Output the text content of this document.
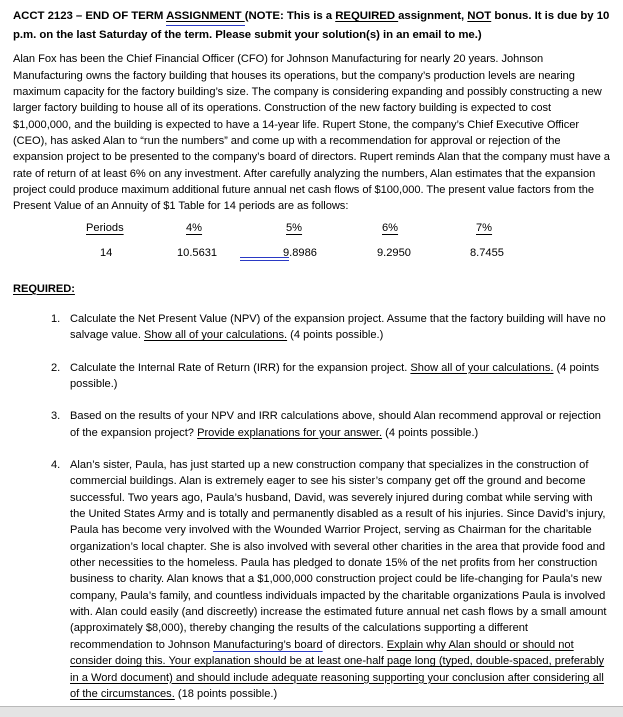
ACCT 2123 – END OF TERM ASSIGNMENT (NOTE: This is a REQUIRED assignment, NOT bonus. It is due by 10 p.m. on the last Saturday of the term. Please submit your solution(s) in an email to me.)

Alan Fox has been the Chief Financial Officer (CFO) for Johnson Manufacturing for nearly 20 years. Johnson Manufacturing owns the factory building that houses its operations, but the company’s production levels are nearing maximum capacity for the factory building’s size. The company is considering expanding and possibly constructing a new larger factory building to house all of its operations. Construction of the new factory building is expected to cost $1,000,000, and the building is expected to have a 14-year life. Rupert Stone, the company’s Chief Executive Officer (CEO), has asked Alan to “run the numbers” and come up with a recommendation for approval or rejection of the expansion project to be presented to the company’s board of directors. Rupert reminds Alan that the company must have a rate of return of at least 6% on any investment. After carefully analyzing the numbers, Alan estimates that the expansion project could produce maximum additional future annual net cash flows of $100,000. The present value factors from the Present Value of an Annuity of $1 Table for 14 periods are as follows:

Periods	4%	5%	6%	7%
14	10.5631	9.8986	9.2950	8.7455

REQUIRED:

1. Calculate the Net Present Value (NPV) of the expansion project. Assume that the factory building will have no salvage value. Show all of your calculations. (4 points possible.)
2. Calculate the Internal Rate of Return (IRR) for the expansion project. Show all of your calculations. (4 points possible.)
3. Based on the results of your NPV and IRR calculations above, should Alan recommend approval or rejection of the expansion project? Provide explanations for your answer. (4 points possible.)
4. Alan’s sister, Paula, has just started up a new construction company that specializes in the construction of commercial buildings. Alan is extremely eager to see his sister’s company get off the ground and become successful. Two years ago, Paula’s husband, David, was severely injured during combat while serving with the United States Army and is totally and permanently disabled as a result of his injuries. Since David’s injury, Paula has become very involved with the Wounded Warrior Project, serving as Chairman for the charitable organization’s local chapter. She is also involved with several other charities in the area that provide food and other necessities to the homeless. Paula has pledged to donate 15% of the net profits from her construction business to charity. Alan knows that a $1,000,000 construction project could be life-changing for Paula’s new company, Paula’s family, and countless individuals impacted by the charitable organizations Paula is involved with. Alan could easily (and discreetly) increase the estimated future annual net cash flows by a small amount (approximately $8,000), thereby changing the results of the calculations supporting a different recommendation to Johnson Manufacturing’s board of directors. Explain why Alan should or should not consider doing this. Your explanation should be at least one-half page long (typed, double-spaced, preferably in a Word document) and should include adequate reasoning supporting your conclusion after considering all of the circumstances. (18 points possible.)
